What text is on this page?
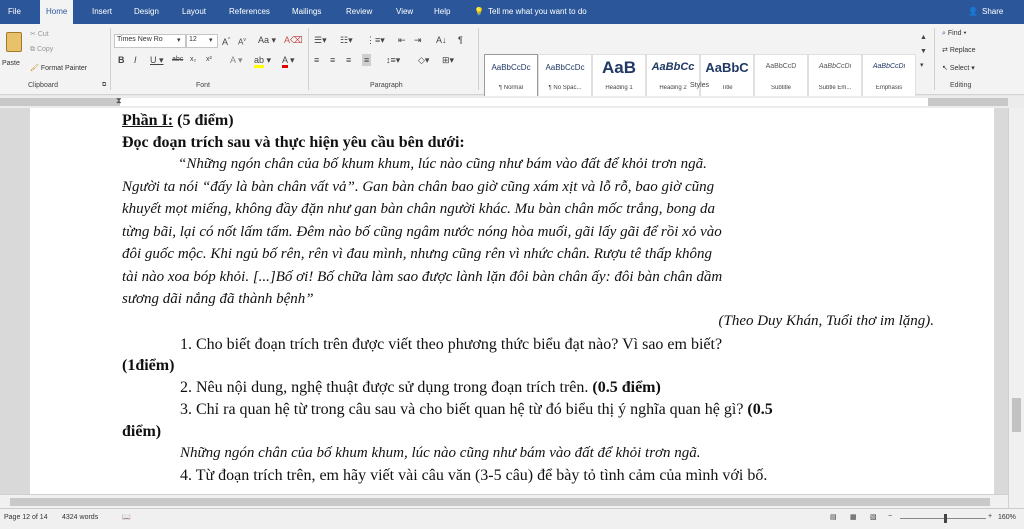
File	Home	Insert	Design	Layout	References	Mailings	Review	View	Help	💡 Tell me what you want to do	👤 Share
Paste
✂ Cut
⧉ Copy
🖌 Format Painter
Clipboard	⧉
Times New Ro ▾ 12 ▾ A^ $A^v$ Aa ▾ A⌫
B I U ▾ abc x₂ x² A ▾ ab ▾ A ▾
Font
☰▾ ☷▾ ⋮≡▾ ⇤ ⇥ A↓ ¶
≡ ≡ ≡ ≡ ↕≡▾ ◇▾ ⊞▾
Paragraph
AaBbCcDc
¶ Normal
AaBbCcDc
¶ No Spac...
AaB
Heading 1
AaBbCc
Heading 2
AaBbC
Title
AaBbCcD
Subtitle
AaBbCcDi
Subtle Em...
AaBbCcDi
Emphasis
▲
▼
▾
Styles
⌕ Find ▾
⇄ Replace
↖ Select ▾
Editing
⧗
Phần I: (5 điểm)
Đọc đoạn trích sau và thực hiện yêu cầu bên dưới:
“Những ngón chân của bố khum khum, lúc nào cũng như bám vào đất để khỏi trơn ngã.
Người ta nói “đấy là bàn chân vất vả”. Gan bàn chân bao giờ cũng xám xịt và lỗ rỗ, bao giờ cũng
khuyết mọt miếng, không đầy đặn như gan bàn chân người khác. Mu bàn chân mốc trắng, bong da
từng bãi, lại có nốt lấm tấm. Đêm nào bố cũng ngâm nước nóng hòa muối, gãi lấy gãi để rồi xỏ vào
đôi guốc mộc. Khi ngủ bố rên, rên vì đau mình, nhưng cũng rên vì nhức chân. Rượu tê thấp không
tài nào xoa bóp khỏi. [...]Bố ơi! Bố chữa làm sao được lành lặn đôi bàn chân ấy: đôi bàn chân dầm
sương dãi nắng đã thành bệnh”
(Theo Duy Khán, Tuổi thơ im lặng).
1. Cho biết đoạn trích trên được viết theo phương thức biểu đạt nào? Vì sao em biết?
(1điểm)
2. Nêu nội dung, nghệ thuật được sử dụng trong đoạn trích trên. (0.5 điểm)
3. Chỉ ra quan hệ từ trong câu sau và cho biết quan hệ từ đó biểu thị ý nghĩa quan hệ gì? (0.5
điểm)
Những ngón chân của bố khum khum, lúc nào cũng như bám vào đất để khỏi trơn ngã.
4. Từ đoạn trích trên, em hãy viết vài câu văn (3-5 câu) để bày tỏ tình cảm của mình với bố.
Page 12 of 14 4324 words	📖	▤ ▦ ▧ −	+ 160%
